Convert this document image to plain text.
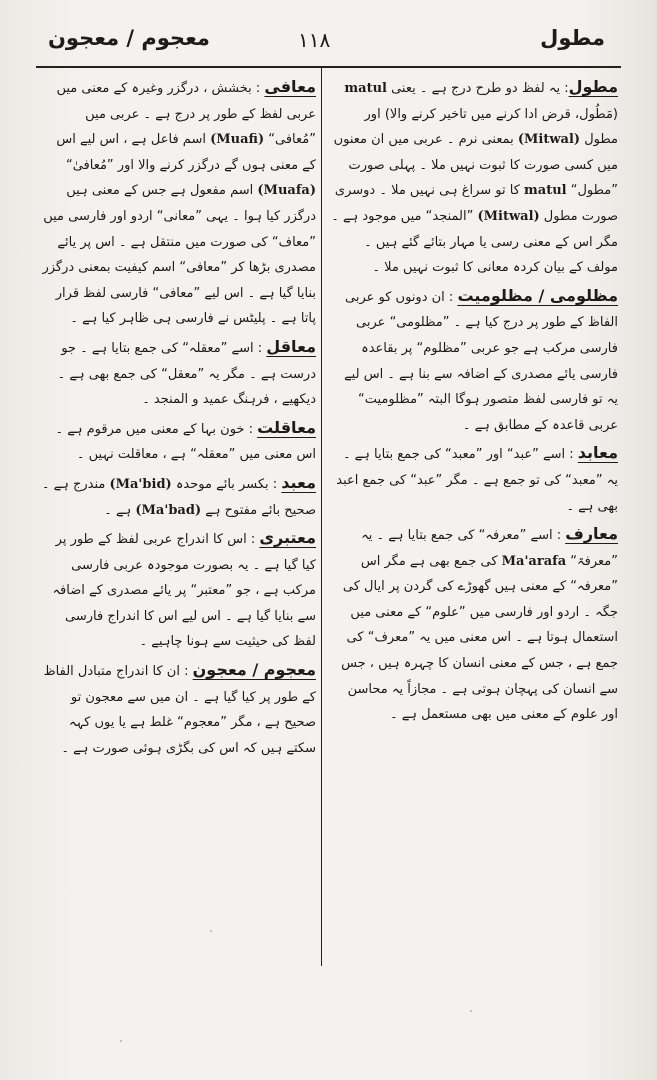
معجوم / معجون	۱۱۸	مطول

مطول: یہ لفظ دو طرح درج ہے ۔ یعنی matul (مَطُول، قرض ادا کرنے میں تاخیر کرنے والا) اور مطول (Mitwal) بمعنی نرم ۔ عربی میں ان معنوں میں کسی صورت کا ثبوت نہیں ملا ۔ پہلی صورت ”مطول“ matul کا تو سراغ ہی نہیں ملا ۔ دوسری صورت مطول (Mitwal) ”المنجد“ میں موجود ہے ۔ مگر اس کے معنی رسی یا مہار بتائے گئے ہیں ۔ مولف کے بیان کردہ معانی کا ثبوت نہیں ملا ۔

مظلومی / مظلومیت : ان دونوں کو عربی الفاظ کے طور پر درج کیا ہے ۔ ”مظلومی“ عربی فارسی مرکب ہے جو عربی ”مظلوم“ پر بقاعدہ فارسی یائے مصدری کے اضافہ سے بنا ہے ۔ اس لیے یہ تو فارسی لفظ متصور ہوگا البتہ ”مظلومیت“ عربی قاعدہ کے مطابق ہے ۔

معابد : اسے ”عبد“ اور ”معبد“ کی جمع بتایا ہے ۔ یہ ”معبد“ کی تو جمع ہے ۔ مگر ”عبد“ کی جمع اعبد بھی ہے ۔

معارف : اسے ”معرفہ“ کی جمع بتایا ہے ۔ یہ ”معرفۃ“ Ma'arafa کی جمع بھی ہے مگر اس ”معرفہ“ کے معنی ہیں گھوڑے کی گردن پر ایال کی جگہ ۔ اردو اور فارسی میں ”علوم“ کے معنی میں استعمال ہوتا ہے ۔ اس معنی میں یہ ”معرف“ کی جمع ہے ، جس کے معنی انسان کا چہرہ ہیں ، جس سے انسان کی پہچان ہوتی ہے ۔ مجازاً یہ محاسن اور علوم کے معنی میں بھی مستعمل ہے ۔

معافی : بخشش ، درگزر وغیرہ کے معنی میں عربی لفظ کے طور پر درج ہے ۔ عربی میں ”مُعافی“ (Muafi) اسم فاعل ہے ، اس لیے اس کے معنی ہوں گے درگزر کرنے والا اور ”مُعافیٰ“ (Muafa) اسم مفعول ہے جس کے معنی ہیں درگزر کیا ہوا ۔ یہی ”معانی“ اردو اور فارسی میں ”معاف“ کی صورت میں منتقل ہے ۔ اس پر یائے مصدری بڑھا کر ”معافی“ اسم کیفیت بمعنی درگزر بنایا گیا ہے ۔ اس لیے ”معافی“ فارسی لفظ قرار پاتا ہے ۔ پلیٹس نے فارسی ہی ظاہر کیا ہے ۔

معاقل : اسے ”معقلہ“ کی جمع بتایا ہے ۔ جو درست ہے ۔ مگر یہ ”معقل“ کی جمع بھی ہے ۔ دیکھیے ، فرہنگ عمید و المنجد ۔

معاقلت : خون بہا کے معنی میں مرقوم ہے ۔ اس معنی میں ”معقلہ“ ہے ، معاقلت نہیں ۔

معبد : بکسر بائے موحدہ (Ma'bid) مندرج ہے ۔ صحیح بائے مفتوح ہے (Ma'bad) ہے ۔

معتبری : اس کا اندراج عربی لفظ کے طور پر کیا گیا ہے ۔ یہ بصورت موجودہ عربی فارسی مرکب ہے ، جو ”معتبر“ پر یائے مصدری کے اضافہ سے بنایا گیا ہے ۔ اس لیے اس کا اندراج فارسی لفظ کی حیثیت سے ہونا چاہیے ۔

معجوم / معجون : ان کا اندراج متبادل الفاظ کے طور پر کیا گیا ہے ۔ ان میں سے معجون تو صحیح ہے ، مگر ”معجوم“ غلط ہے یا یوں کہہ سکتے ہیں کہ اس کی بگڑی ہوئی صورت ہے ۔
